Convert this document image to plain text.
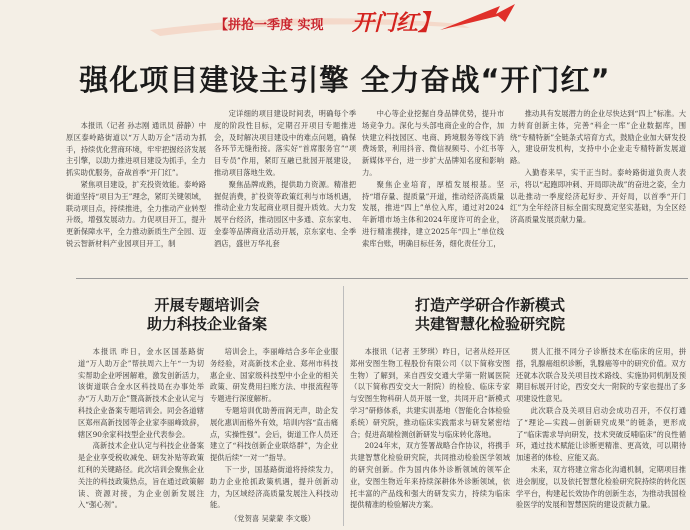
【拼抢一季度 实现 开门红】
强化项目建设主引擎 全力奋战“开门红”

本报讯（记者 孙志刚 通讯员 薛静）中原区泰岭路街道以“万人助万企”活动为抓手，持续优化营商环境，牢牢把握经济发展主引擎，以助力推进项目建设为抓手，全力抓实助优服务，奋战首季“开门红”。

紧焦项目建设，扩充投资效能。泰岭路街道坚持“项目为王”理念，紧盯关键领域，联动项目点，持续推进，全力推动产业转型升级，增强发展动力。力促项目开工，提升更新保障水平，全力推动新质生产全园、迈锐云智新材料产业园项目开工，制

定详细的项目建设时间表，明确每个季度的阶段性目标，定期召开项目专题推进会，及时解决项目建设中的难点问题，确保各环节无缝衔接。落实好“首席服务官”“项目专员”作用，紧盯互融已批园开展建设，推动项目落地生效。

聚焦品牌成熟，提供助力资源。精准把握促消费，扩投资等政策红利与市场机遇，推动企业力发起商业项目提升质效。大力发展平台经济，推动园区中多通、京东家电、金泰等品牌商业活动开展，京东家电、全季酒店，盛世万华礼套

中心等企业挖掘自身品牌优势，提升市场竞争力。深化与头部电商企业的合作，加快建立科技园区、电商、跨境服务等线下消费场景，利用抖音、微信视频号、小红书等新媒体平台，进一步扩大品牌知名度和影响力。

聚焦企业培育，厚植发展根基。坚持“增存量、提质量”开道，推动经济高质量发展，推进“四上”单位入库，通过对2024年新增市场主体和2024年度许可的企业，进行精准摸排，建立2025年“四上”单位线索库台账，明确目标任务，细化责任分工，

推动具有发展潜力的企业尽快达到“四上”标准。大力转育创新主体，完善“科企一库”企业数据库，围绕“专精特新”全链条式培育方式，鼓励企业加大研发投入，建设研发机构，支持中小企业走专精特新发展道路。

入勤春来早，实干正当时。泰岭路街道负责人表示，将以“起跑即冲刺、开局即决战”的奋进之姿，全力以赴推动一季度经济起好步、开好局，以首季“开门红”为全年经济目标全面实现奠定坚实基础，为全区经济高质量发展贡献力量。

开展专题培训会
助力科技企业备案

本报讯 昨日，金水区国基路街道“万人助万企”帮扶周六上午“一为切实帮助企业呼困解难，激发创新活力，该街道联合金水区科技局在办事处举办“万人助万企”暨高新技术企业认定与科技企业备案专题培训会。同会各道辖区郑州高新技园等企业家李丽峰致辞，辖区90余家科技型企业代表参会。

高新技术企业认定与科技企业备案是企业享受税收减免、研发补贴等政策红利的关键路径。此次培训会聚焦企业关注的科技政策热点，旨在通过政策解读、资源对接，为企业创新发展注入“强心剂”。

培训会上，李丽峰结合多年企业服务经验，对高新技术企业、郑州市科技惠企业、国家级科技型中小企业的相关政策、研发费用扫账方法、申报流程等专题进行深度解析。

专题培训优助善而润无声，助企发展化惠训而格外有效，培训内容“直击痛点，实操性强”。会后，街道工作人员还建立了“科技创新企业联络群”，为企业提供后续“一对一”指导。

下一步，国基路街道将持续发力，助力企业抢抓政策机遇，提升创新动力，为区域经济高质量发展注入科技动能。

（党贺喜 吴蒙蒙 李文璇）
打造产学研合作新模式
共建智慧化检验研究院

本报讯（记者 王梦琪）昨日，记者从经开区郑州安图生物工程股份有限公司（以下简称安图生物）了解到，来自西安交通大学第一附属医院（以下简称西安交大一附院）的检验、临床专家与安图生物科研人员开展一堂，共同开启“新模式学习”研修体系，共建实训基地（智能化合体检验系统）研究院，推动临床实践需求与研发紧密结合；促进高端检测创新研发与临床转化落地。

2024年末，双方签署战略合作协议，将携手共建智慧化检验研究院，共同推动检验医学领域的研究创新。作为国内体外诊断领域的领军企业，安图生物近年来持续深耕体外诊断领域，依托丰富的产品线和强大的研发实力，持续为临床提供精准的检验解决方案。

贯人汇报不同分子诊断技术在临床的应用，拼搭，乳腺癌组织诊断，乳腺癌等中的研究价值。双方还就本次联合及关项目技术路线、实施协同机制及预期目标展开讨论，西安交大一附院的专家也提出了多项建设性意见。

此次联合及关项目启动会成功召开，不仅打通了“理论—实践—创新研究成果”的链条，更形成了“临床需求导向研发，技术突破反哺临床”的良性循环，通过技术赋能让诊断更精准、更高效，可以期待加速者的体检、应能又高。

未来，双方将建立常态化沟通机制，定期项目推进会制度，以及依托智慧化检验研究院持续的转化医学平台，构建起长效协作的创新生态，为推动我国检验医学的发展和智慧医院的建设贡献力量。
